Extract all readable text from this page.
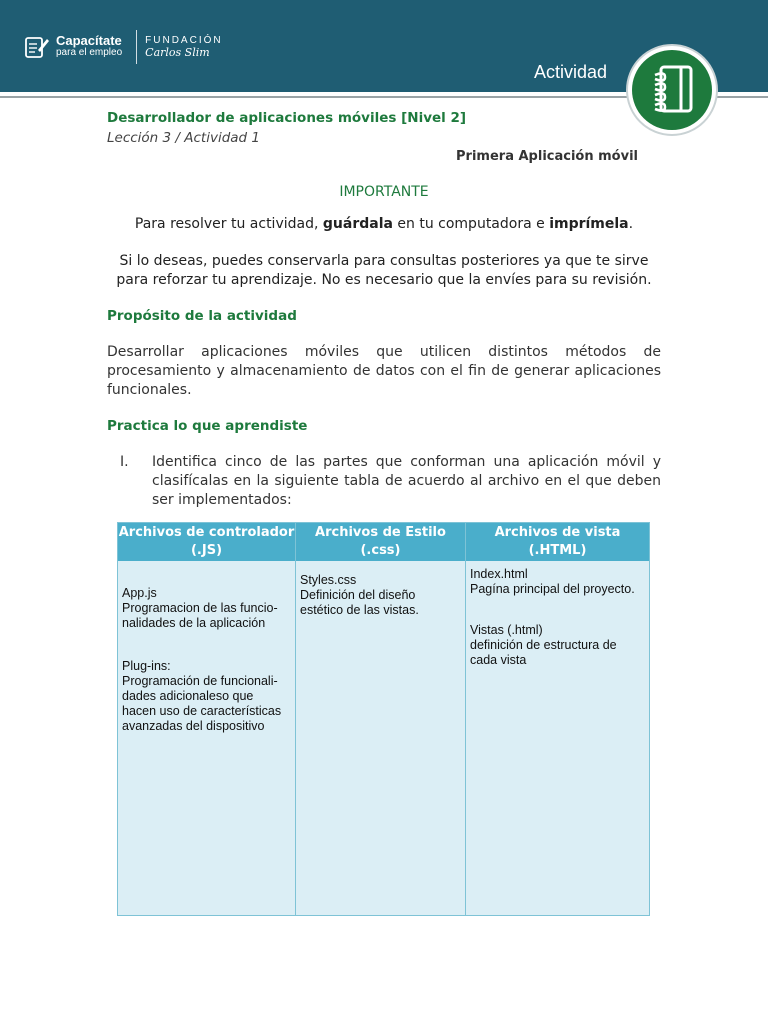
Capacítate
para el empleo
FUNDACIÓN
Carlos Slim
Actividad
Desarrollador de aplicaciones móviles [Nivel 2]
Lección 3 / Actividad 1
Primera Aplicación móvil
IMPORTANTE
Para resolver tu actividad, guárdala en tu computadora e imprímela.
Si lo deseas, puedes conservarla para consultas posteriores ya que te sirve para reforzar tu aprendizaje. No es necesario que la envíes para su revisión.
Propósito de la actividad
Desarrollar aplicaciones móviles que utilicen distintos métodos de procesamiento y almacenamiento de datos con el fin de generar aplicaciones funcionales.
Practica lo que aprendiste
I. Identifica cinco de las partes que conforman una aplicación móvil y clasifícalas en la siguiente tabla de acuerdo al archivo en el que deben ser implementados:
Archivos de controlador (.JS)
Archivos de Estilo (.css)
Archivos de vista (.HTML)
App.js
Programacion de las funcio-
nalidades de la aplicación
Plug-ins:
Programación de funcionali-
dades adicionaleso que
hacen uso de características
avanzadas del dispositivo
Styles.css
Definición del diseño
estético de las vistas.
Index.html
Pagína principal del proyecto.
Vistas (.html)
definición de estructura de
cada vista
